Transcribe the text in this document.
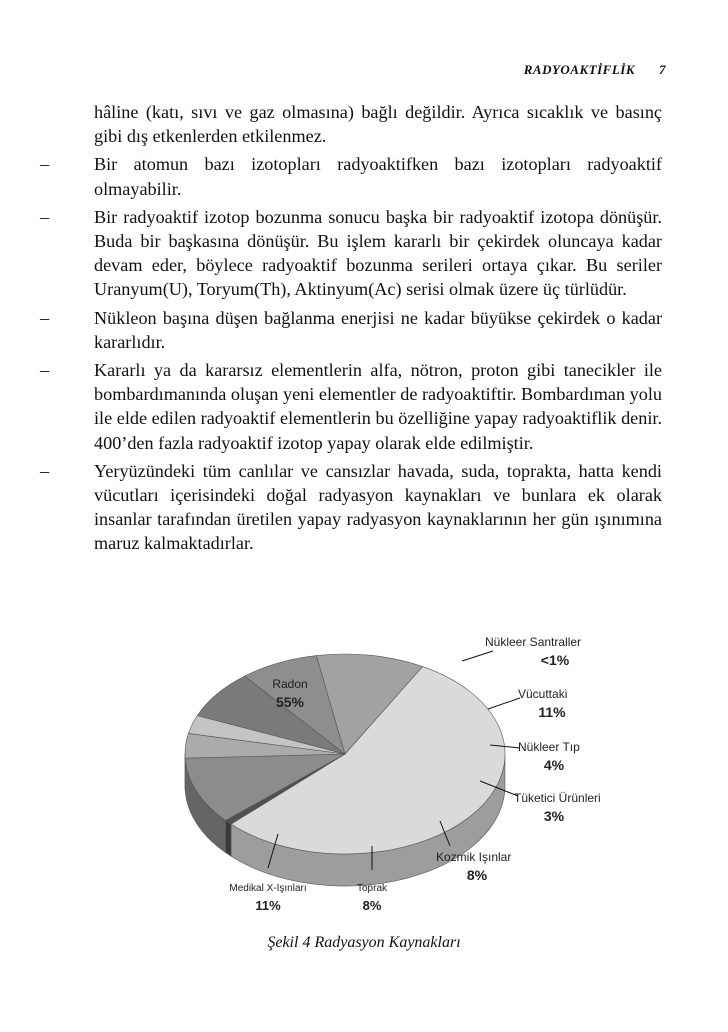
RADYOAKTİFLİK 7
hâline (katı, sıvı ve gaz olmasına) bağlı değildir. Ayrıca sıcaklık ve basınç gibi dış etkenlerden etkilenmez.
– Bir atomun bazı izotopları radyoaktifken bazı izotopları radyoaktif olmayabilir.
– Bir radyoaktif izotop bozunma sonucu başka bir radyoaktif izotopa dönüşür. Buda bir başkasına dönüşür. Bu işlem kararlı bir çekirdek oluncaya kadar devam eder, böylece radyoaktif bozunma serileri ortaya çıkar. Bu seriler Uranyum(U), Toryum(Th), Aktinyum(Ac) serisi olmak üzere üç türlüdür.
– Nükleon başına düşen bağlanma enerjisi ne kadar büyükse çekirdek o kadar kararlıdır.
– Kararlı ya da kararsız elementlerin alfa, nötron, proton gibi tanecikler ile bombardımanında oluşan yeni elementler de radyoaktiftir. Bombardıman yolu ile elde edilen radyoaktif elementlerin bu özelliğine yapay radyoaktiflik denir. 400’den fazla radyoaktif izotop yapay olarak elde edilmiştir.
– Yeryüzündeki tüm canlılar ve cansızlar havada, suda, toprakta, hatta kendi vücutları içerisindeki doğal radyasyon kaynakları ve bunlara ek olarak insanlar tarafından üretilen yapay radyasyon kaynaklarının her gün ışınımına maruz kalmaktadırlar.
Radon
55%
Nükleer Santraller
<1%
Vücuttaki
11%
Nükleer Tıp
4%
Tüketici Ürünleri
3%
Kozmik Işınlar
8%
Toprak
8%
Medikal X-Işınları
11%
Şekil 4 Radyasyon Kaynakları
